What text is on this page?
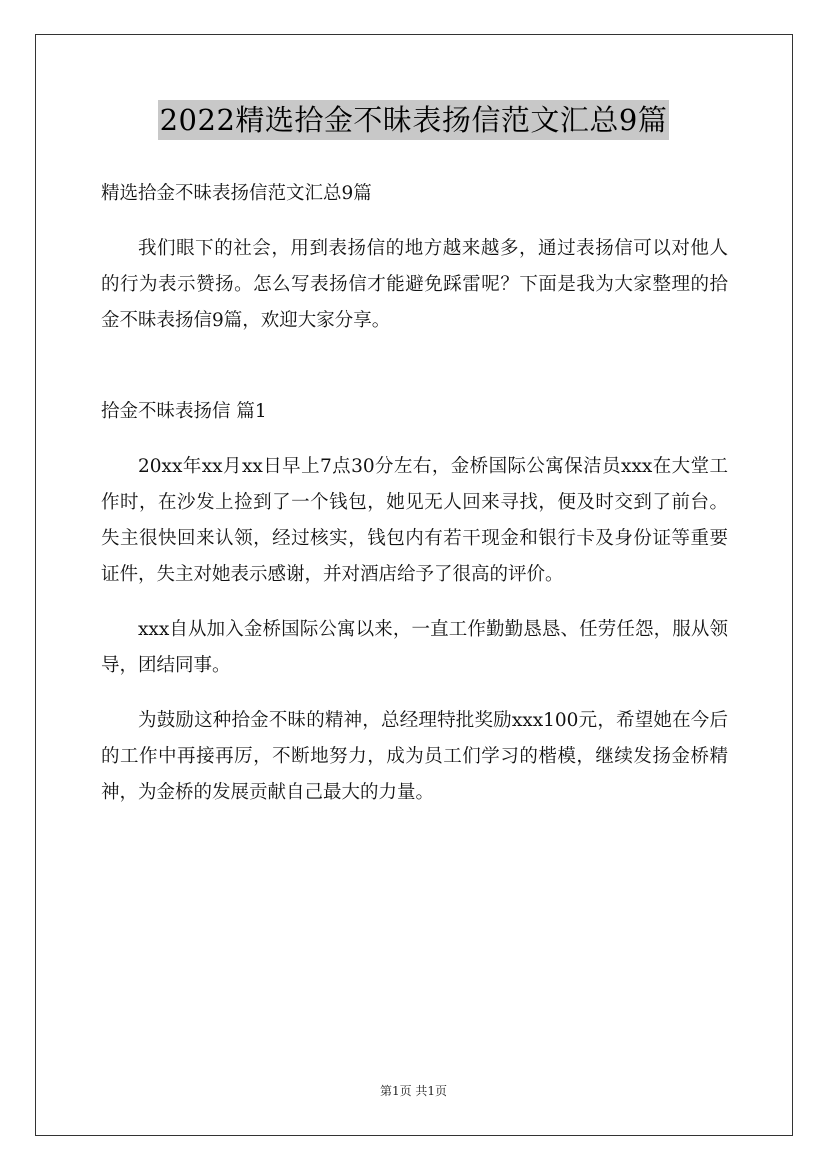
2022精选拾金不昧表扬信范文汇总9篇

精选拾金不昧表扬信范文汇总9篇

我们眼下的社会，用到表扬信的地方越来越多，通过表扬信可以对他人的行为表示赞扬。怎么写表扬信才能避免踩雷呢？下面是我为大家整理的拾金不昧表扬信9篇，欢迎大家分享。

拾金不昧表扬信 篇1

20xx年xx月xx日早上7点30分左右，金桥国际公寓保洁员xxx在大堂工作时，在沙发上捡到了一个钱包，她见无人回来寻找，便及时交到了前台。失主很快回来认领，经过核实，钱包内有若干现金和银行卡及身份证等重要证件，失主对她表示感谢，并对酒店给予了很高的评价。

xxx自从加入金桥国际公寓以来，一直工作勤勤恳恳、任劳任怨，服从领导，团结同事。

为鼓励这种拾金不昧的精神，总经理特批奖励xxx100元，希望她在今后的工作中再接再厉，不断地努力，成为员工们学习的楷模，继续发扬金桥精神，为金桥的发展贡献自己最大的力量。

第1页 共1页
